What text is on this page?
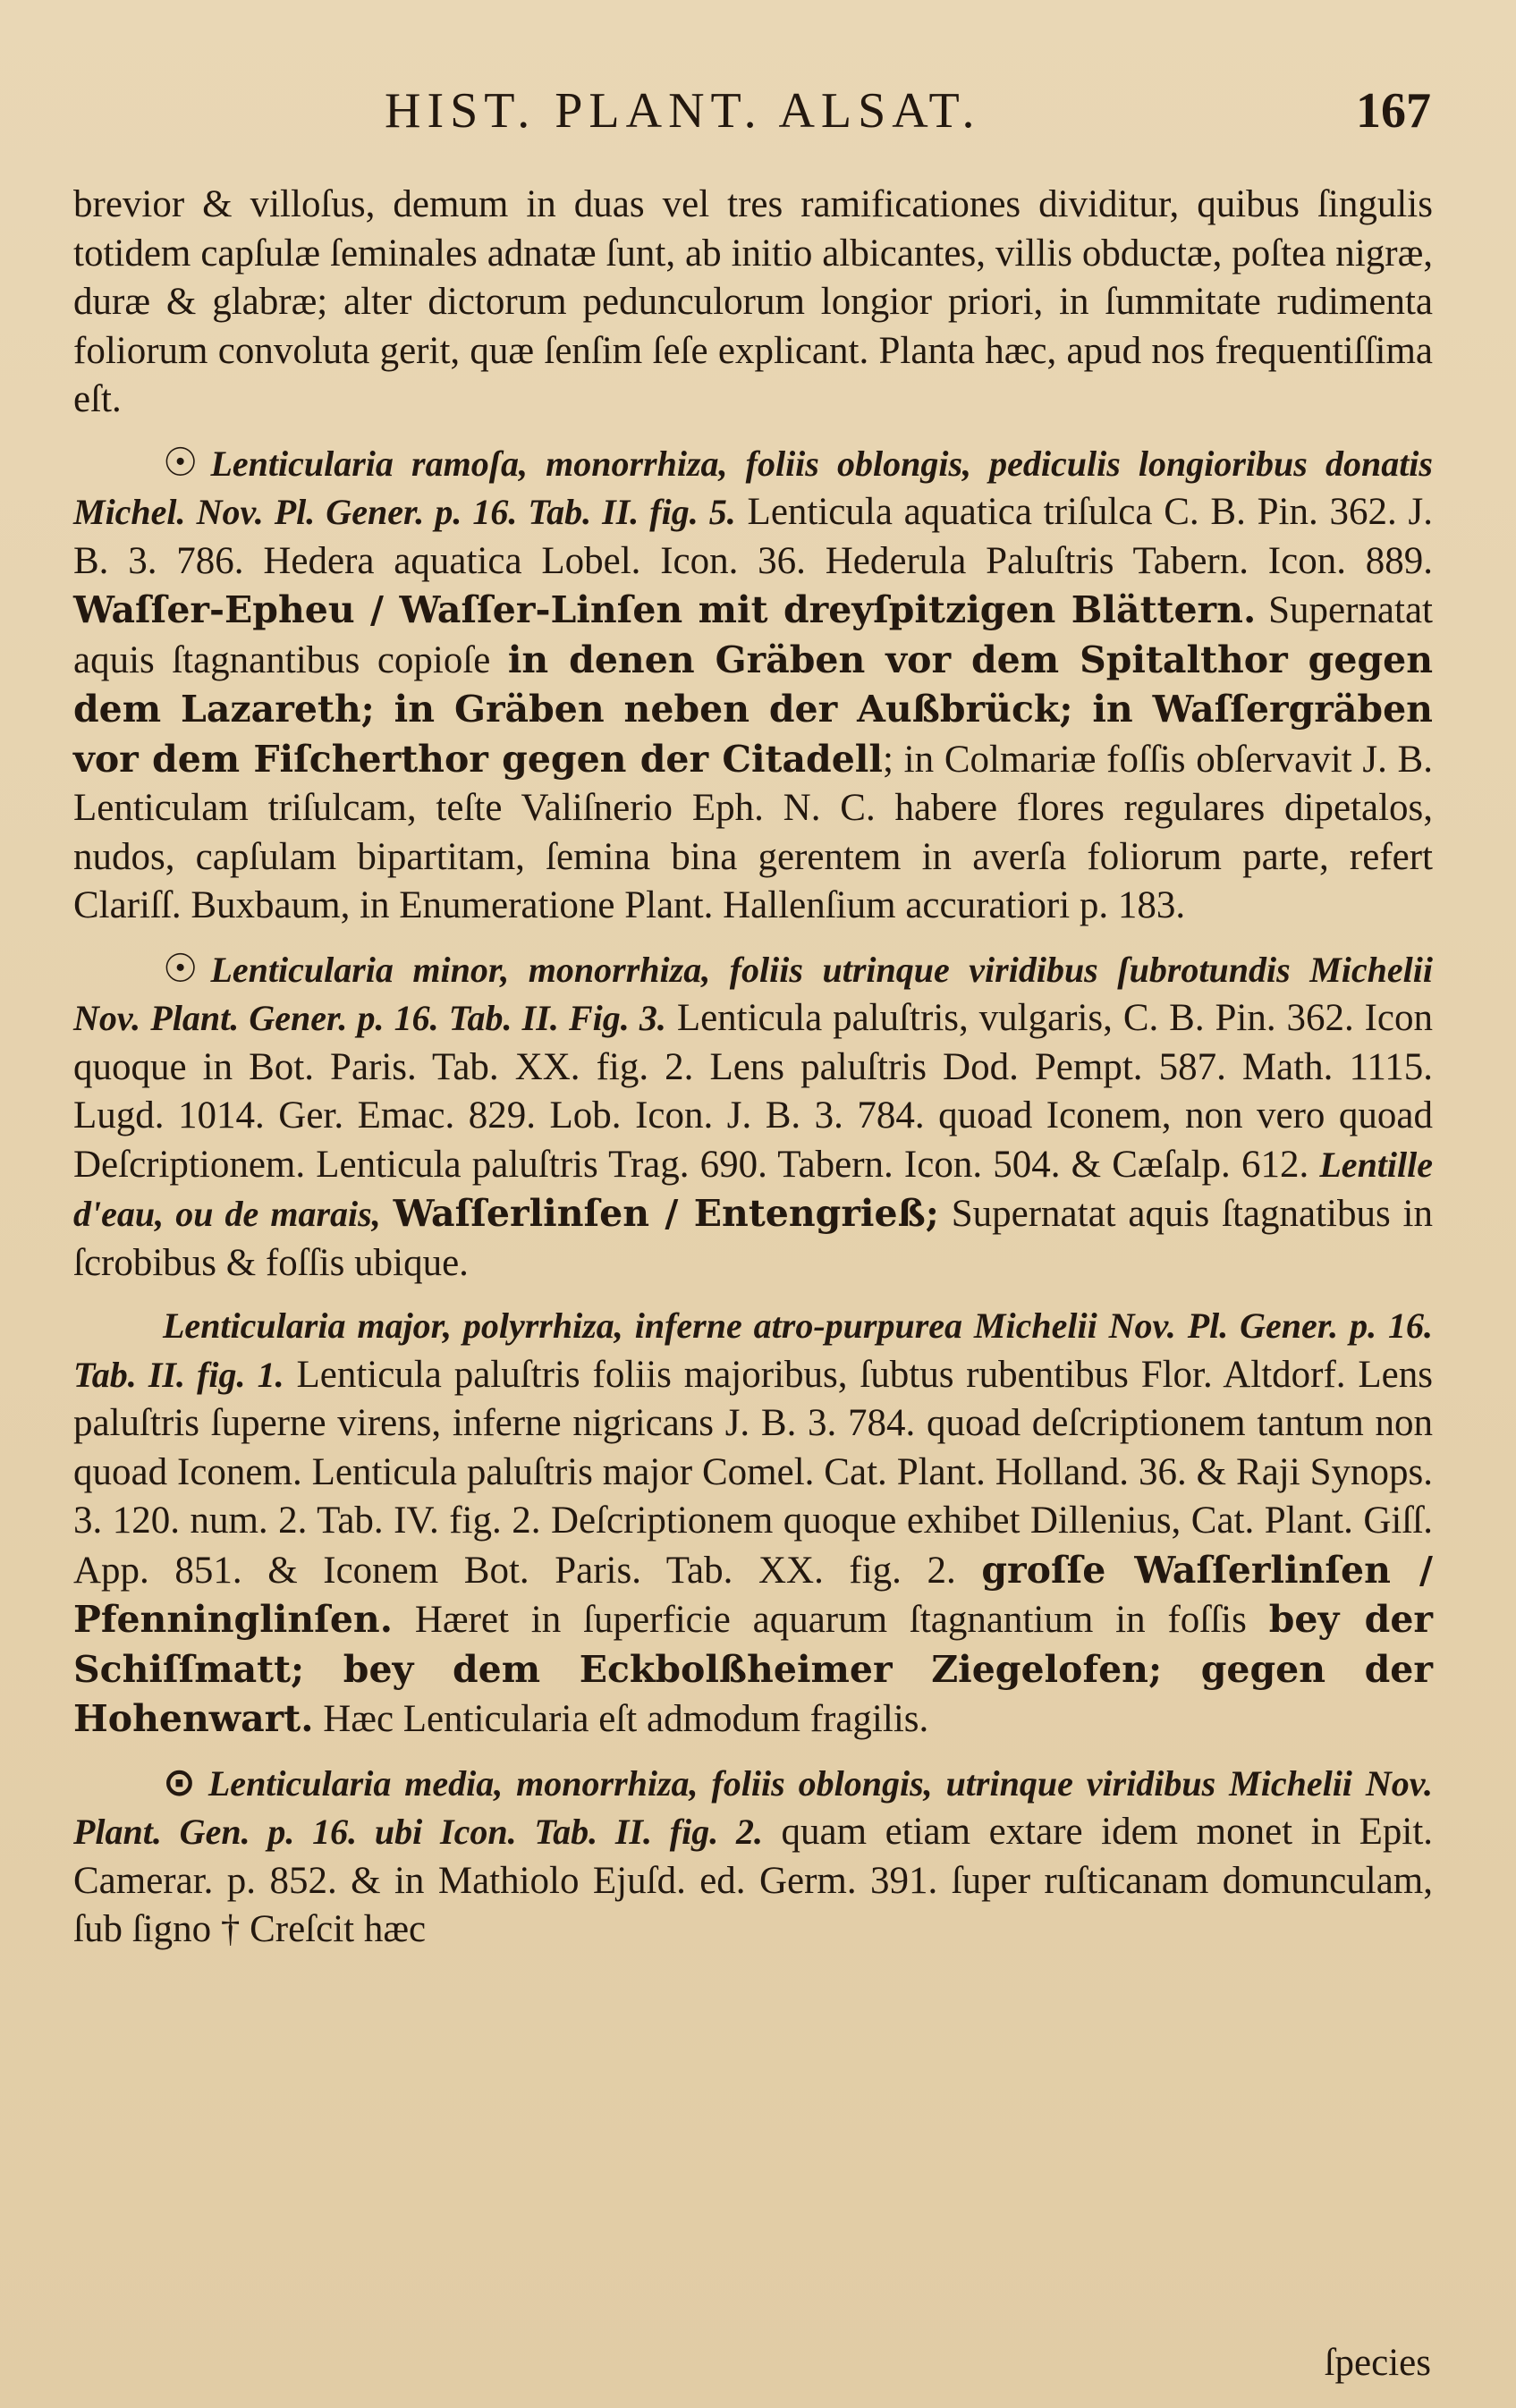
HIST. PLANT. ALSAT.	167

brevior & villoſus, demum in duas vel tres ramificationes dividitur, quibus ſingulis totidem capſulæ ſeminales adnatæ ſunt, ab initio albicantes, villis obductæ, poſtea nigræ, duræ & glabræ; alter dictorum pedunculorum longior priori, in ſummitate rudimenta foliorum convoluta gerit, quæ ſenſim ſeſe explicant. Planta hæc, apud nos frequentiſſima eſt.

☉ Lenticularia ramoſa, monorrhiza, foliis oblongis, pediculis longioribus donatis Michel. Nov. Pl. Gener. p. 16. Tab. II. fig. 5. Lenticula aquatica triſulca C. B. Pin. 362. J. B. 3. 786. Hedera aquatica Lobel. Icon. 36. Hederula Paluſtris Tabern. Icon. 889. Waſſer-Epheu / Waſſer-Linſen mit dreyſpitzigen Blättern. Supernatat aquis ſtagnantibus copioſe in denen Gräben vor dem Spitalthor gegen dem Lazareth; in Gräben neben der Außbrück; in Waſſergräben vor dem Fiſcherthor gegen der Citadell; in Colmariæ foſſis obſervavit J. B. Lenticulam triſulcam, teſte Valiſnerio Eph. N. C. habere flores regulares dipetalos, nudos, capſulam bipartitam, ſemina bina gerentem in averſa foliorum parte, refert Clariſſ. Buxbaum, in Enumeratione Plant. Hallenſium accuratiori p. 183.

☉ Lenticularia minor, monorrhiza, foliis utrinque viridibus ſubrotundis Michelii Nov. Plant. Gener. p. 16. Tab. II. Fig. 3. Lenticula paluſtris, vulgaris, C. B. Pin. 362. Icon quoque in Bot. Paris. Tab. XX. fig. 2. Lens paluſtris Dod. Pempt. 587. Math. 1115. Lugd. 1014. Ger. Emac. 829. Lob. Icon. J. B. 3. 784. quoad Iconem, non vero quoad Deſcriptionem. Lenticula paluſtris Trag. 690. Tabern. Icon. 504. & Cæſalp. 612. Lentille d'eau, ou de marais, Waſſerlinſen / Entengrieß; Supernatat aquis ſtagnatibus in ſcrobibus & foſſis ubique.

Lenticularia major, polyrrhiza, inferne atro-purpurea Michelii Nov. Pl. Gener. p. 16. Tab. II. fig. 1. Lenticula paluſtris foliis majoribus, ſubtus rubentibus Flor. Altdorf. Lens paluſtris ſuperne virens, inferne nigricans J. B. 3. 784. quoad deſcriptionem tantum non quoad Iconem. Lenticula paluſtris major Comel. Cat. Plant. Holland. 36. & Raji Synops. 3. 120. num. 2. Tab. IV. fig. 2. Deſcriptionem quoque exhibet Dillenius, Cat. Plant. Giſſ. App. 851. & Iconem Bot. Paris. Tab. XX. fig. 2. groſſe Waſſerlinſen / Pfenninglinſen. Hæret in ſuperficie aquarum ſtagnantium in foſſis bey der Schiſſmatt; bey dem Eckbolßheimer Ziegelofen; gegen der Hohenwart. Hæc Lenticularia eſt admodum fragilis.

⊙ Lenticularia media, monorrhiza, foliis oblongis, utrinque viridibus Michelii Nov. Plant. Gen. p. 16. ubi Icon. Tab. II. fig. 2. quam etiam extare idem monet in Epit. Camerar. p. 852. & in Mathiolo Ejuſd. ed. Germ. 391. ſuper ruſticanam domunculam, ſub ſigno † Creſcit hæc

ſpecies
